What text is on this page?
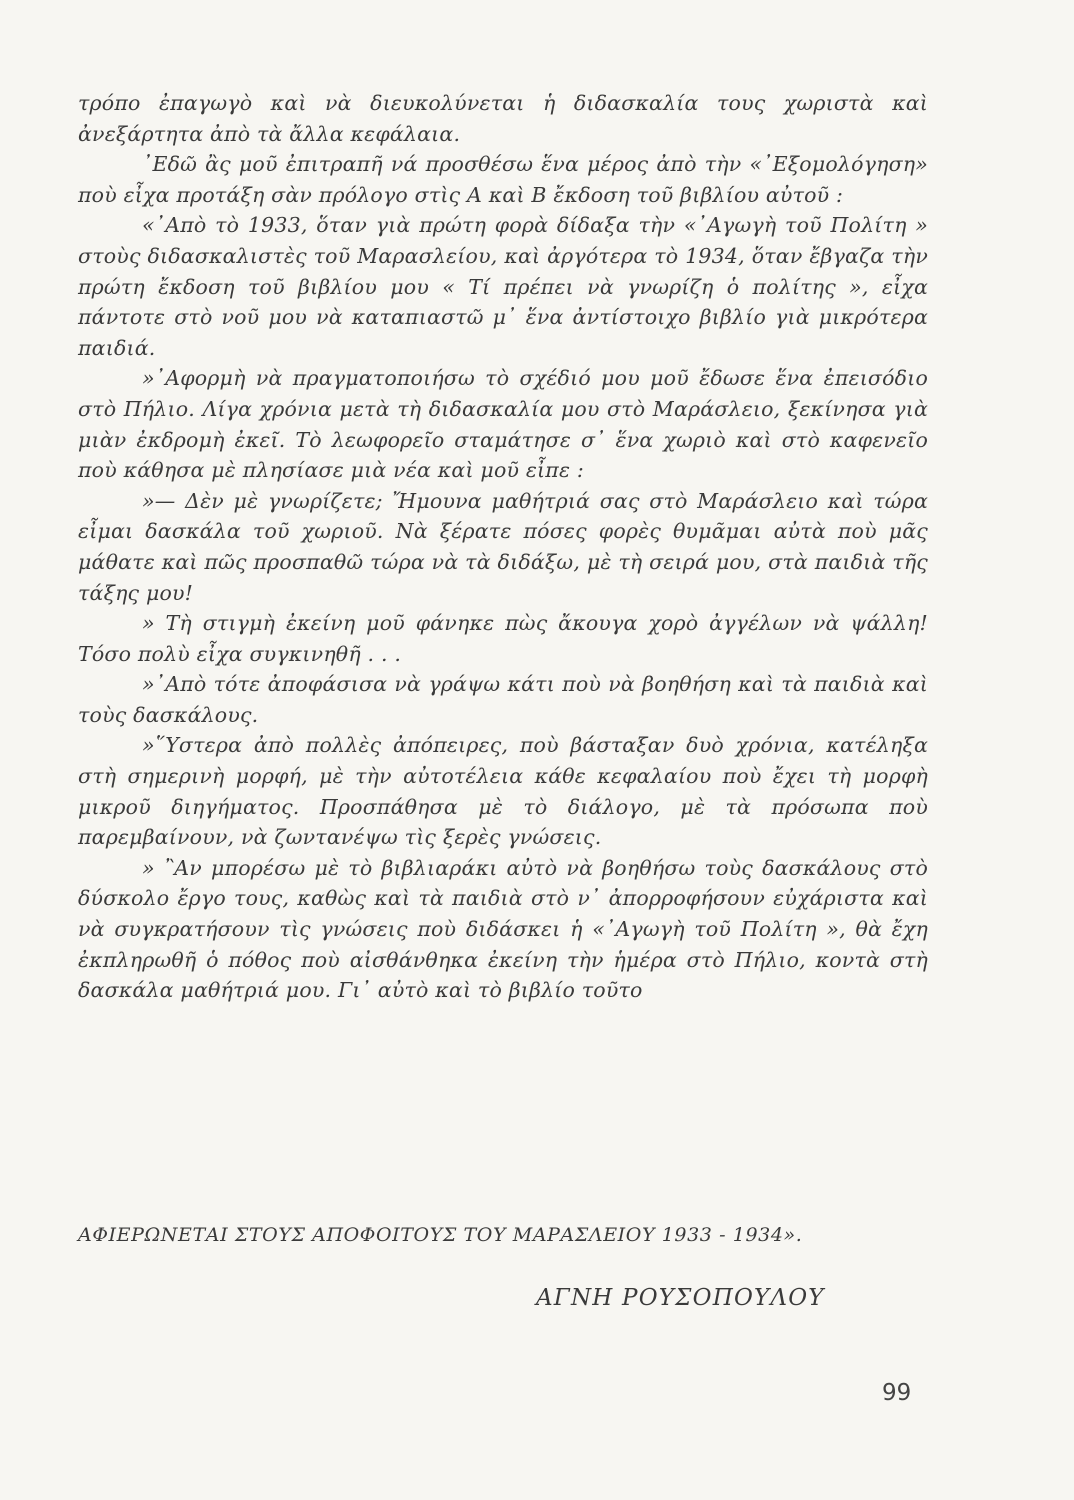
τρόπο ἐπαγωγὸ καὶ νὰ διευκολύνεται ἡ διδασκαλία τους χωριστὰ καὶ ἀνεξάρτητα ἀπὸ τὰ ἄλλα κεφάλαια.

᾿Εδῶ ἂς μοῦ ἐπιτραπῆ νά προσθέσω ἕνα μέρος ἀπὸ τὴν «᾿Εξομολόγηση» ποὺ εἶχα προτάξη σὰν πρόλογο στὶς Α καὶ Β ἔκδοση τοῦ βιβλίου αὐτοῦ :

«᾿Απὸ τὸ 1933, ὅταν γιὰ πρώτη φορὰ δίδαξα τὴν «᾿Αγωγὴ τοῦ Πολίτη » στοὺς διδασκαλιστὲς τοῦ Μαρασλείου, καὶ ἀργότερα τὸ 1934, ὅταν ἔβγαζα τὴν πρώτη ἔκδοση τοῦ βιβλίου μου « Τί πρέπει νὰ γνωρίζη ὁ πολίτης », εἶχα πάντοτε στὸ νοῦ μου νὰ καταπιαστῶ μ᾿ ἕνα ἀντίστοιχο βιβλίο γιὰ μικρότερα παιδιά.

»᾿Αφορμὴ νὰ πραγματοποιήσω τὸ σχέδιό μου μοῦ ἔδωσε ἕνα ἐπεισόδιο στὸ Πήλιο. Λίγα χρόνια μετὰ τὴ διδασκαλία μου στὸ Μαράσλειο, ξεκίνησα γιὰ μιὰν ἐκδρομὴ ἐκεῖ. Τὸ λεωφορεῖο σταμάτησε σ᾿ ἕνα χωριὸ καὶ στὸ καφενεῖο ποὺ κάθησα μὲ πλησίασε μιὰ νέα καὶ μοῦ εἶπε :

»— Δὲν μὲ γνωρίζετε; Ἤμουνα μαθήτριά σας στὸ Μαράσλειο καὶ τώρα εἶμαι δασκάλα τοῦ χωριοῦ. Νὰ ξέρατε πόσες φορὲς θυμᾶμαι αὐτὰ ποὺ μᾶς μάθατε καὶ πῶς προσπαθῶ τώρα νὰ τὰ διδάξω, μὲ τὴ σειρά μου, στὰ παιδιὰ τῆς τάξης μου!

» Τὴ στιγμὴ ἐκείνη μοῦ φάνηκε πὼς ἄκουγα χορὸ ἀγγέλων νὰ ψάλλη! Τόσο πολὺ εἶχα συγκινηθῆ . . .

»᾿Απὸ τότε ἀποφάσισα νὰ γράψω κάτι ποὺ νὰ βοηθήση καὶ τὰ παιδιὰ καὶ τοὺς δασκάλους.

»῞Υστερα ἀπὸ πολλὲς ἀπόπειρες, ποὺ βάσταξαν δυὸ χρόνια, κατέληξα στὴ σημερινὴ μορφή, μὲ τὴν αὐτοτέλεια κάθε κεφαλαίου ποὺ ἔχει τὴ μορφὴ μικροῦ διηγήματος. Προσπάθησα μὲ τὸ διάλογο, μὲ τὰ πρόσωπα ποὺ παρεμβαίνουν, νὰ ζωντανέψω τὶς ξερὲς γνώσεις.

» ῍Αν μπορέσω μὲ τὸ βιβλιαράκι αὐτὸ νὰ βοηθήσω τοὺς δασκάλους στὸ δύσκολο ἔργο τους, καθὼς καὶ τὰ παιδιὰ στὸ ν᾿ ἀπορροφήσουν εὐχάριστα καὶ νὰ συγκρατήσουν τὶς γνώσεις ποὺ διδάσκει ἡ «᾿Αγωγὴ τοῦ Πολίτη », θὰ ἔχη ἐκπληρωθῆ ὁ πόθος ποὺ αἰσθάνθηκα ἐκείνη τὴν ἡμέρα στὸ Πήλιο, κοντὰ στὴ δασκάλα μαθήτριά μου. Γι᾿ αὐτὸ καὶ τὸ βιβλίο τοῦτο

ΑΦΙΕΡΩΝΕΤΑΙ ΣΤΟΥΣ ΑΠΟΦΟΙΤΟΥΣ ΤΟΥ ΜΑΡΑΣΛΕΙΟΥ 1933 - 1934».
ΑΓΝΗ ΡΟΥΣΟΠΟΥΛΟΥ
99
